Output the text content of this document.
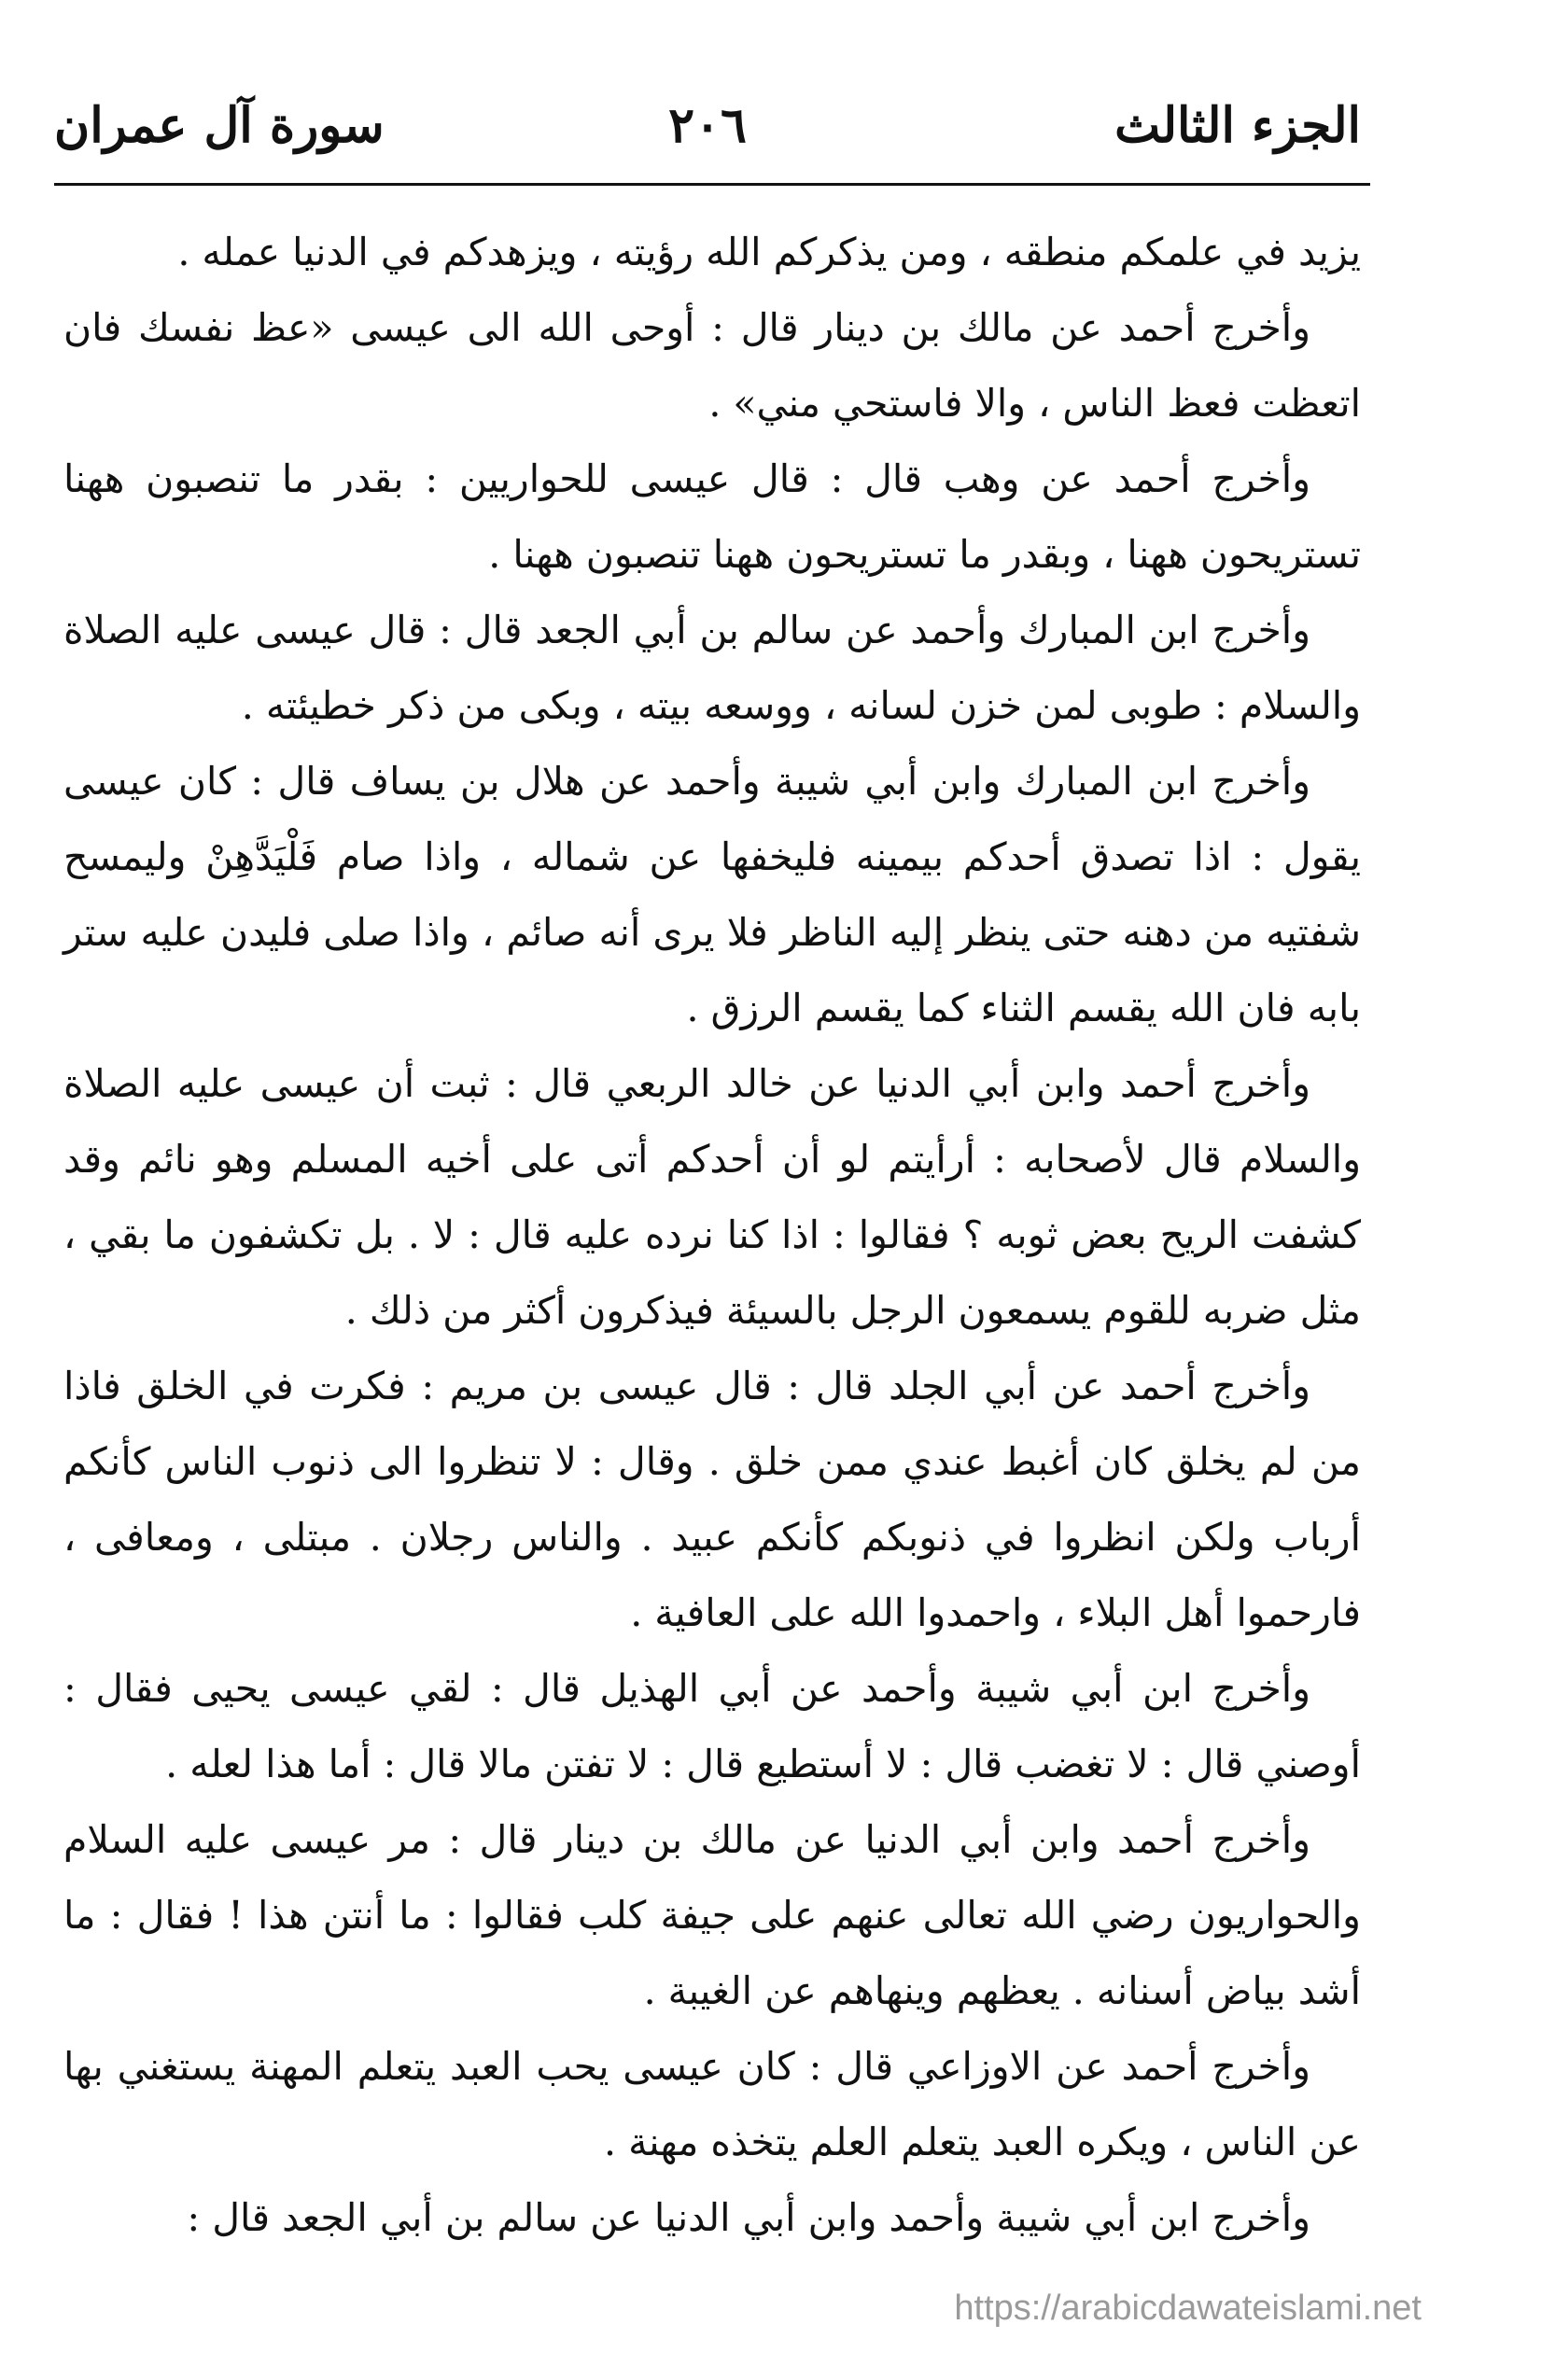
الجزء الثالث
٢٠٦
سورة آل عمران

يزيد في علمكم منطقه ، ومن يذكركم الله رؤيته ، ويزهدكم في الدنيا عمله .

وأخرج أحمد عن مالك بن دينار قال : أوحى الله الى عيسى «عظ نفسك فان اتعظت فعظ الناس ، والا فاستحي مني» .

وأخرج أحمد عن وهب قال : قال عيسى للحواريين : بقدر ما تنصبون ههنا تستريحون ههنا ، وبقدر ما تستريحون ههنا تنصبون ههنا .

وأخرج ابن المبارك وأحمد عن سالم بن أبي الجعد قال : قال عيسى عليه الصلاة والسلام : طوبى لمن خزن لسانه ، ووسعه بيته ، وبكى من ذكر خطيئته .

وأخرج ابن المبارك وابن أبي شيبة وأحمد عن هلال بن يساف قال : كان عيسى يقول : اذا تصدق أحدكم بيمينه فليخفها عن شماله ، واذا صام فَلْيَدَّهِنْ وليمسح شفتيه من دهنه حتى ينظر إليه الناظر فلا يرى أنه صائم ، واذا صلى فليدن عليه ستر بابه فان الله يقسم الثناء كما يقسم الرزق .

وأخرج أحمد وابن أبي الدنيا عن خالد الربعي قال : ثبت أن عيسى عليه الصلاة والسلام قال لأصحابه : أرأيتم لو أن أحدكم أتى على أخيه المسلم وهو نائم وقد كشفت الريح بعض ثوبه ؟ فقالوا : اذا كنا نرده عليه قال : لا . بل تكشفون ما بقي ، مثل ضربه للقوم يسمعون الرجل بالسيئة فيذكرون أكثر من ذلك .

وأخرج أحمد عن أبي الجلد قال : قال عيسى بن مريم : فكرت في الخلق فاذا من لم يخلق كان أغبط عندي ممن خلق . وقال : لا تنظروا الى ذنوب الناس كأنكم أرباب ولكن انظروا في ذنوبكم كأنكم عبيد . والناس رجلان . مبتلى ، ومعافى ، فارحموا أهل البلاء ، واحمدوا الله على العافية .

وأخرج ابن أبي شيبة وأحمد عن أبي الهذيل قال : لقي عيسى يحيى فقال : أوصني قال : لا تغضب قال : لا أستطيع قال : لا تفتن مالا قال : أما هذا لعله .

وأخرج أحمد وابن أبي الدنيا عن مالك بن دينار قال : مر عيسى عليه السلام والحواريون رضي الله تعالى عنهم على جيفة كلب فقالوا : ما أنتن هذا ! فقال : ما أشد بياض أسنانه . يعظهم وينهاهم عن الغيبة .

وأخرج أحمد عن الاوزاعي قال : كان عيسى يحب العبد يتعلم المهنة يستغني بها عن الناس ، ويكره العبد يتعلم العلم يتخذه مهنة .

وأخرج ابن أبي شيبة وأحمد وابن أبي الدنيا عن سالم بن أبي الجعد قال :

https://arabicdawateislami.net
